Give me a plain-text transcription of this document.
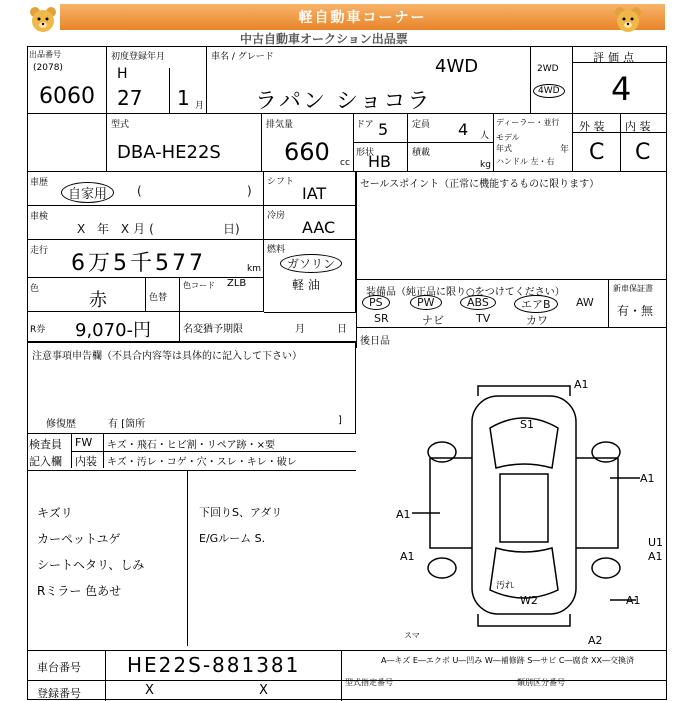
軽自動車コーナー
中古自動車オークション出品票
出品番号
(2078)
6060
初度登録年月
H
27 1 月
車名 / グレード	4WD
ラパン ショコラ
2WD
4WD
評価点
4
型式
DBA-HE22S
排気量
660 cc
ドア 5
形状
HB
定員 4 人
積載
kg
ディーラー・並行
モデル年式	年
ハンドル 左・右
外 装 内 装
C C
車歴
自家用	(	)
シフト
IAT
車検
X 年 X月(	日)
冷房
AAC
走行 6万5千577	km
燃料
ガソリン
軽 油
色
赤	色替
色コード ZLB
セールスポイント（正常に機能するものに限ります）
装備品（純正品に限り○をつけてください）
PS	PW	ABS	エアB	AW
SR	ナビ	TV	カワ
新車保証書
有・無
後日品
R券 9,070-円	名変猶予期限	月	日
注意事項申告欄（不具合内容等は具体的に記入して下さい）
修復歴	有 [箇所	]
検査員
記入欄
FW キズ・飛石・ヒビ割・リペア跡・×要
内装 キズ・汚レ・コゲ・穴・スレ・キレ・破レ
キズリ
カーペットユゲ
シートヘタリ、しみ
Rミラー 色あせ
下回りS、アダリ
E/Gルーム S.
A1
S1
A1
A1
A1
U1
A1
A1
W2
汚れ
A2
スマ
車台番号 HE22S-881381	A―キズ E―エクボ U―凹み W―補修跡 S―サビ C―腐食 XX―交換済
登録番号	X	X
型式指定番号	類別区分番号
